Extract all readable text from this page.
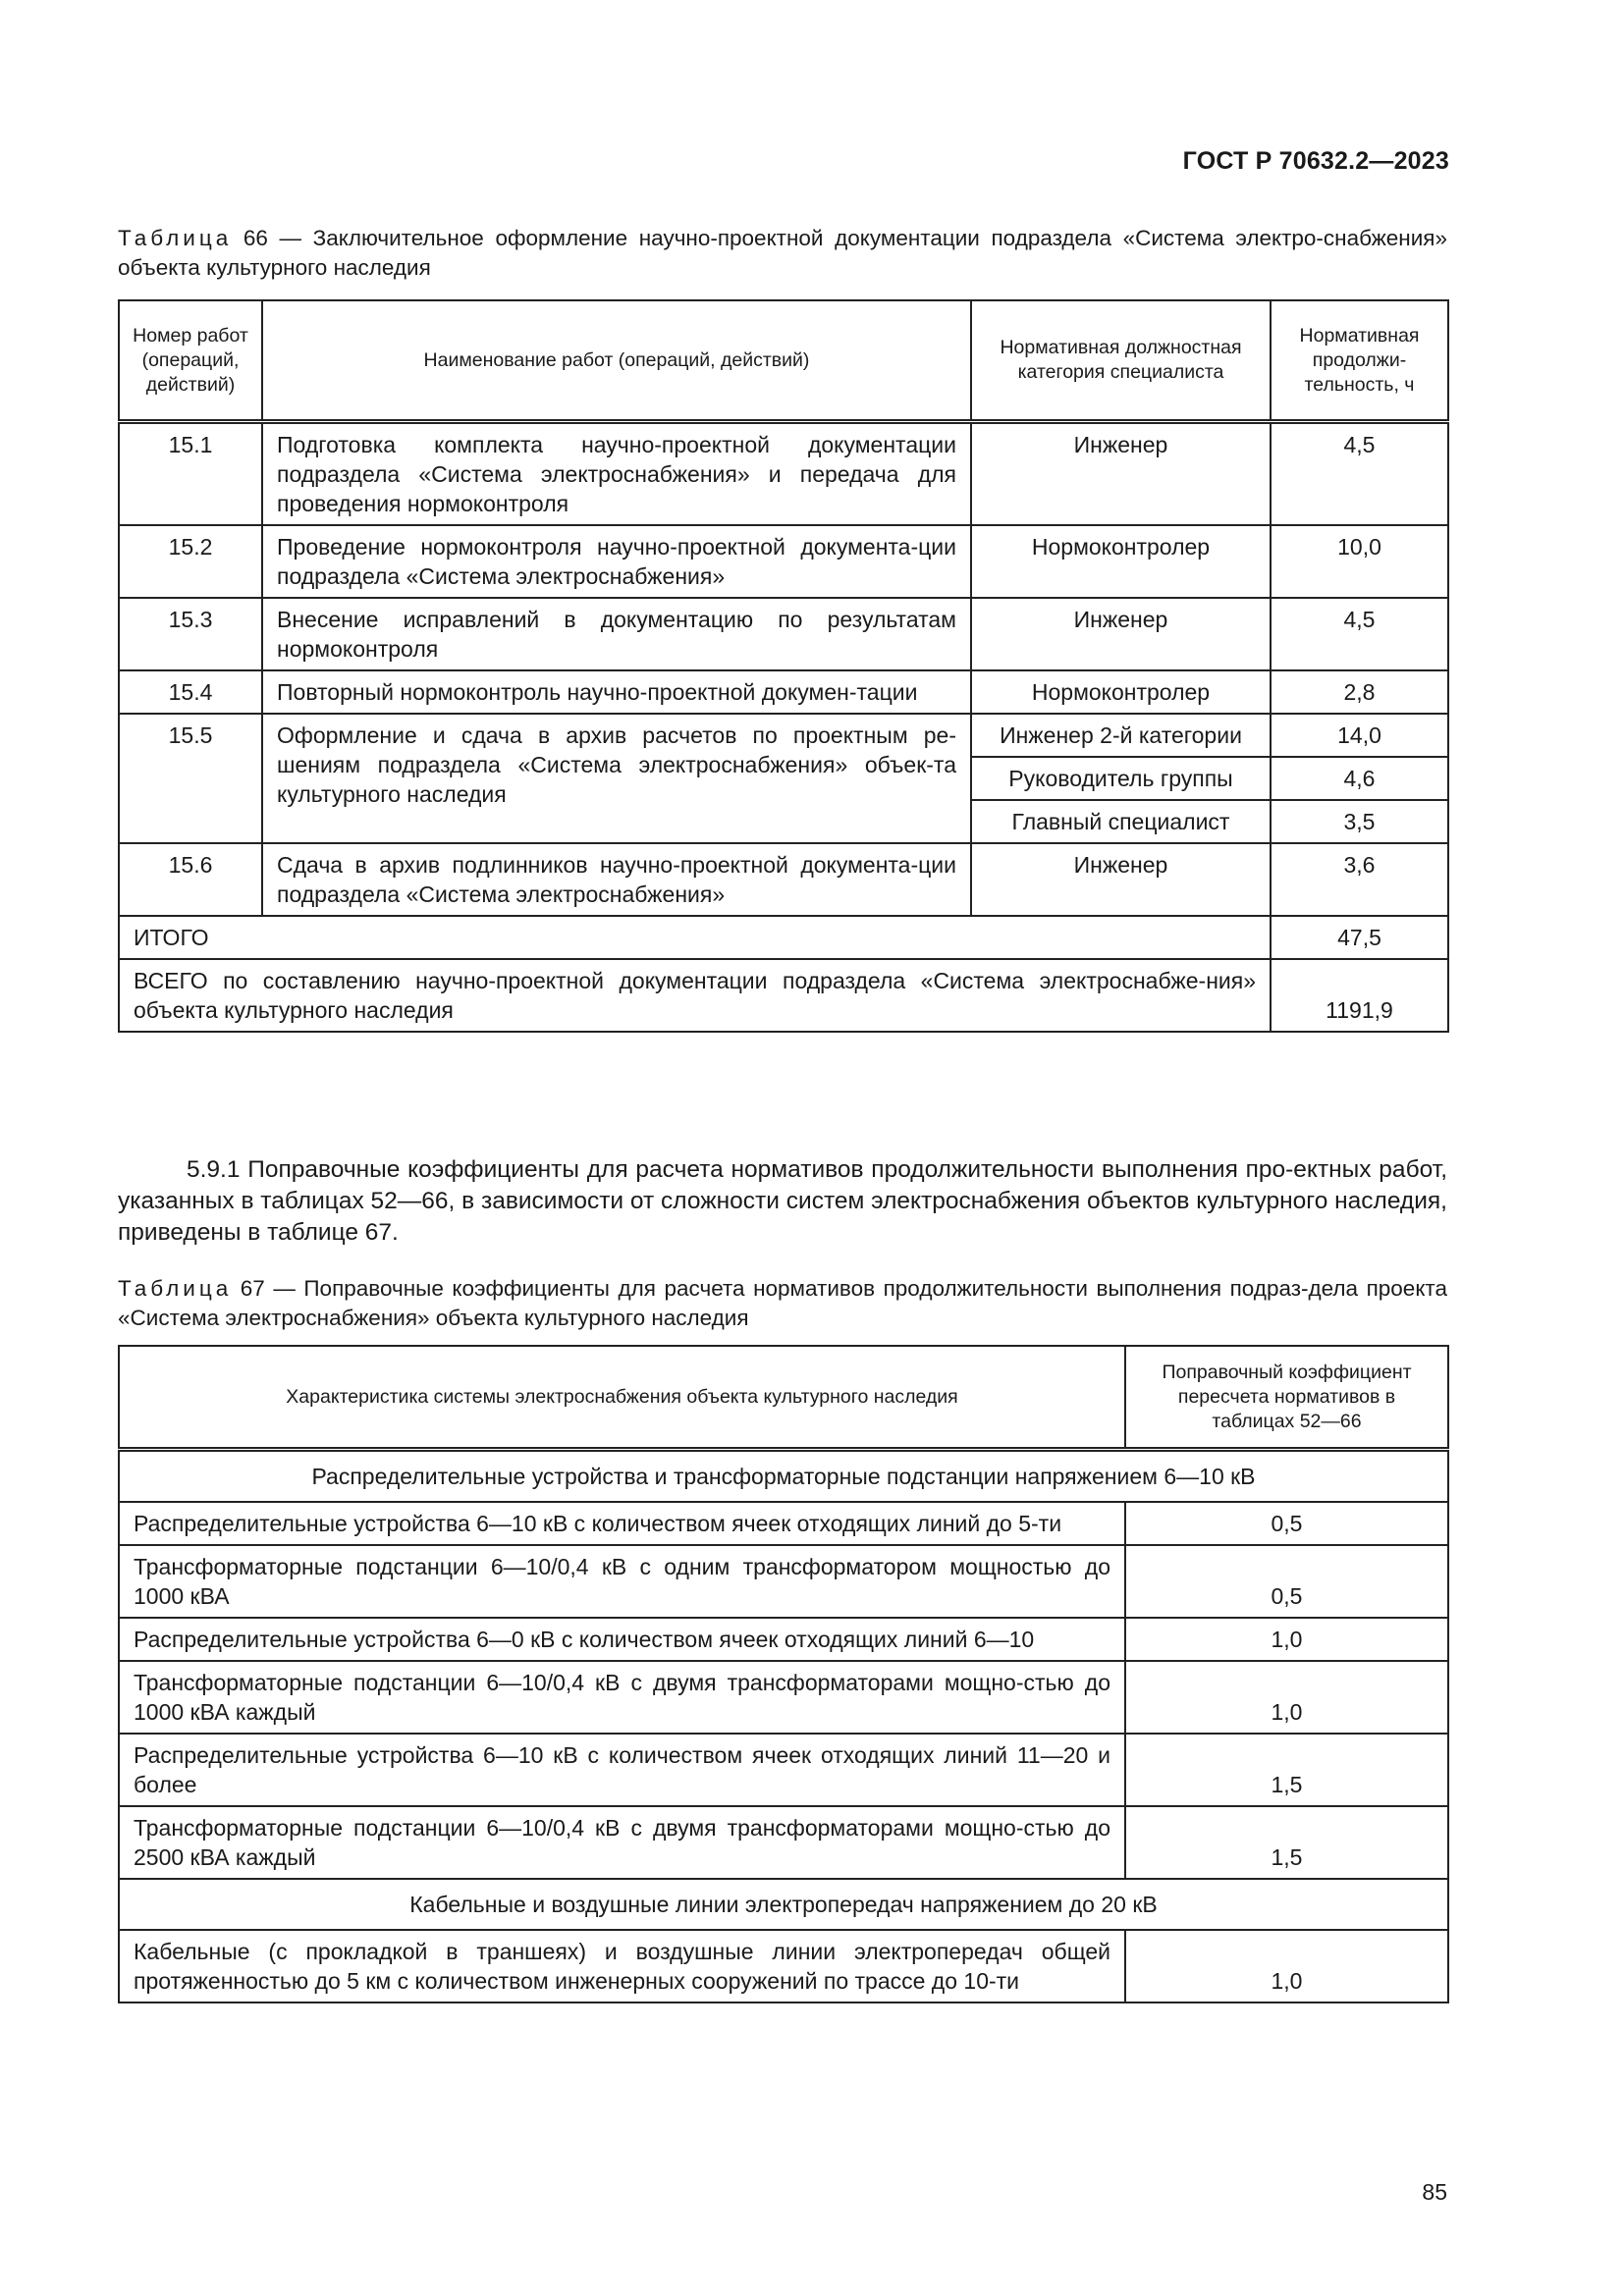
ГОСТ Р 70632.2—2023
Таблица 66 — Заключительное оформление научно-проектной документации подраздела «Система электро-снабжения» объекта культурного наследия
Номер работ (операций, действий)	Наименование работ (операций, действий)	Нормативная должностная категория специалиста	Нормативная продолжи-тельность, ч
15.1	Подготовка комплекта научно-проектной документации подраздела «Система электроснабжения» и передача для проведения нормоконтроля	Инженер	4,5
15.2	Проведение нормоконтроля научно-проектной документа-ции подраздела «Система электроснабжения»	Нормоконтролер	10,0
15.3	Внесение исправлений в документацию по результатам нормоконтроля	Инженер	4,5
15.4	Повторный нормоконтроль научно-проектной докумен-тации	Нормоконтролер	2,8
15.5	Оформление и сдача в архив расчетов по проектным ре-шениям подраздела «Система электроснабжения» объек-та культурного наследия	Инженер 2-й категории	14,0
		Руководитель группы	4,6
		Главный специалист	3,5
15.6	Сдача в архив подлинников научно-проектной документа-ции подраздела «Система электроснабжения»	Инженер	3,6
ИТОГО			47,5
ВСЕГО по составлению научно-проектной документации подраздела «Система электроснабже-ния» объекта культурного наследия			1191,9
5.9.1 Поправочные коэффициенты для расчета нормативов продолжительности выполнения про-ектных работ, указанных в таблицах 52—66, в зависимости от сложности систем электроснабжения объектов культурного наследия, приведены в таблице 67.
Таблица 67 — Поправочные коэффициенты для расчета нормативов продолжительности выполнения подраз-дела проекта «Система электроснабжения» объекта культурного наследия
Характеристика системы электроснабжения объекта культурного наследия	Поправочный коэффициент пересчета нормативов в таблицах 52—66
Распределительные устройства и трансформаторные подстанции напряжением 6—10 кВ	
Распределительные устройства 6—10 кВ с количеством ячеек отходящих линий до 5-ти	0,5
Трансформаторные подстанции 6—10/0,4 кВ с одним трансформатором мощностью до 1000 кВА	0,5
Распределительные устройства 6—0 кВ с количеством ячеек отходящих линий 6—10	1,0
Трансформаторные подстанции 6—10/0,4 кВ с двумя трансформаторами мощно-стью до 1000 кВА каждый	1,0
Распределительные устройства 6—10 кВ с количеством ячеек отходящих линий 11—20 и более	1,5
Трансформаторные подстанции 6—10/0,4 кВ с двумя трансформаторами мощно-стью до 2500 кВА каждый	1,5
Кабельные и воздушные линии электропередач напряжением до 20 кВ	
Кабельные (с прокладкой в траншеях) и воздушные линии электропередач общей протяженностью до 5 км с количеством инженерных сооружений по трассе до 10-ти	1,0
85
